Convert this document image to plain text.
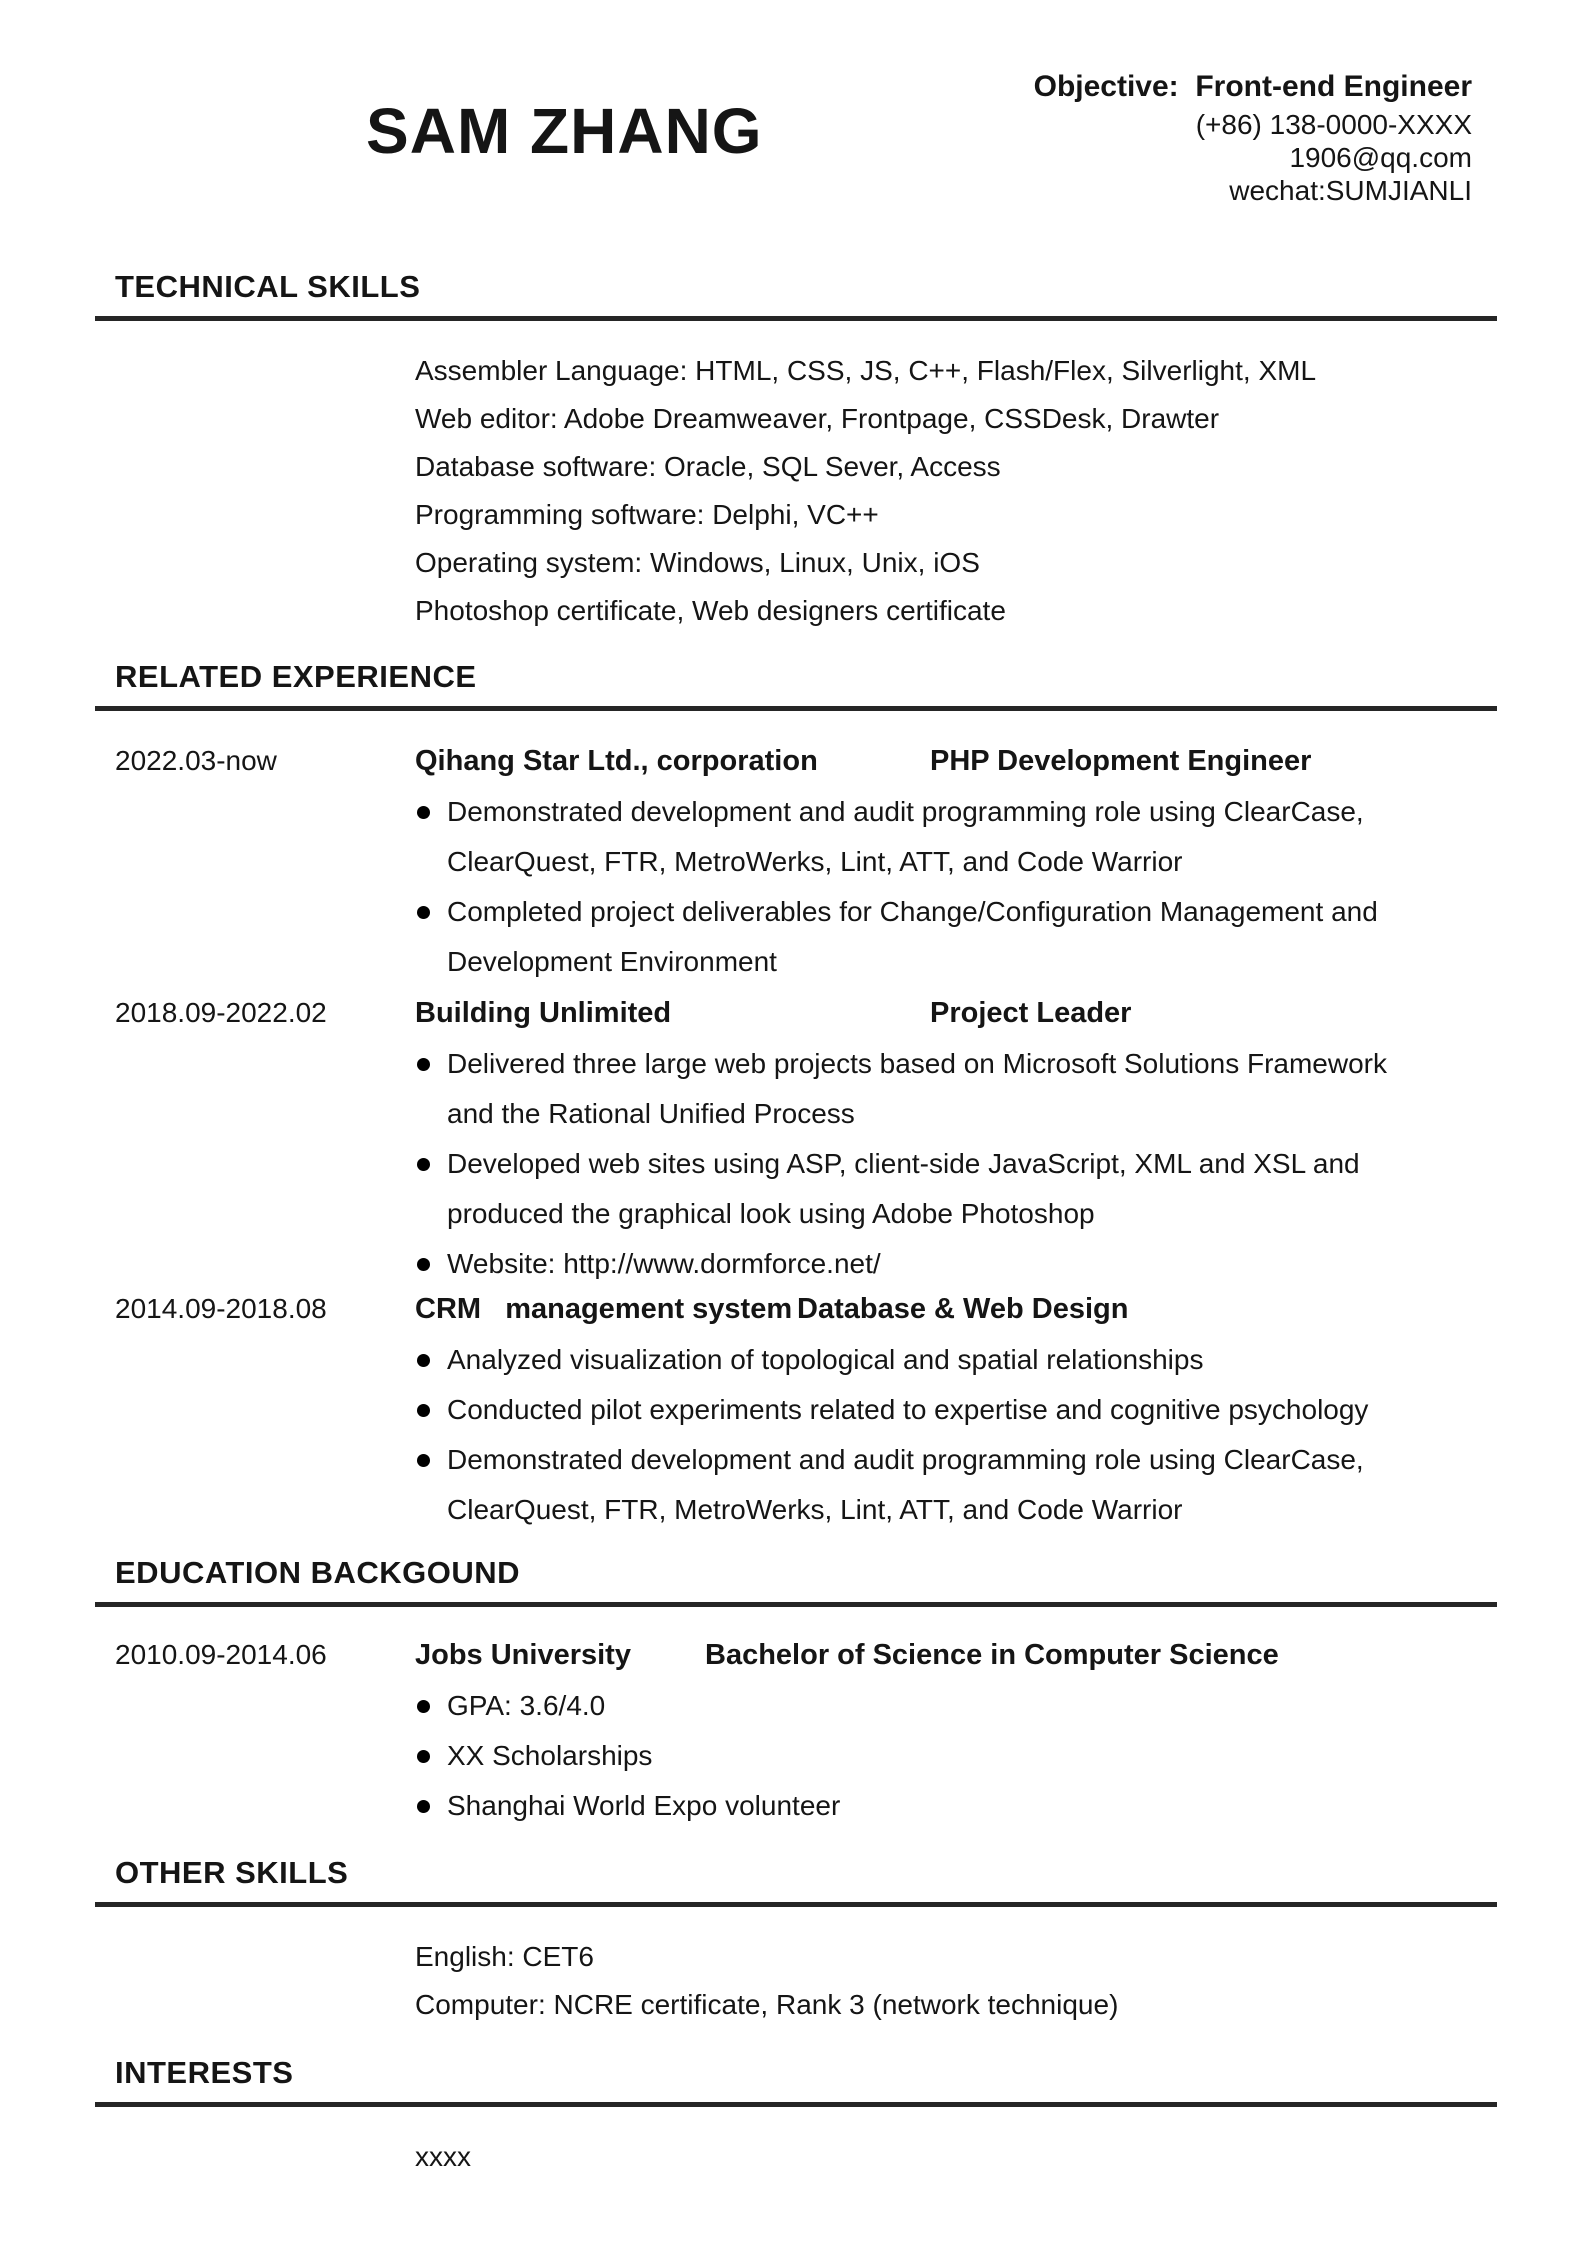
SAM ZHANG
Objective:  Front-end Engineer
(+86) 138-0000-XXXX
1906@qq.com
wechat:SUMJIANLI
TECHNICAL SKILLS
Assembler Language: HTML, CSS, JS, C++, Flash/Flex, Silverlight, XML
Web editor: Adobe Dreamweaver, Frontpage, CSSDesk, Drawter
Database software: Oracle, SQL Sever, Access
Programming software: Delphi, VC++
Operating system: Windows, Linux, Unix, iOS
Photoshop certificate, Web designers certificate
RELATED EXPERIENCE
2022.03-now	Qihang Star Ltd., corporation	PHP Development Engineer
Demonstrated development and audit programming role using ClearCase, ClearQuest, FTR, MetroWerks, Lint, ATT, and Code Warrior
Completed project deliverables for Change/Configuration Management and Development Environment
2018.09-2022.02	Building Unlimited	Project Leader
Delivered three large web projects based on Microsoft Solutions Framework and the Rational Unified Process
Developed web sites using ASP, client-side JavaScript, XML and XSL and produced the graphical look using Adobe Photoshop
Website: http://www.dormforce.net/
2014.09-2018.08	CRM   management system Database & Web Design
Analyzed visualization of topological and spatial relationships
Conducted pilot experiments related to expertise and cognitive psychology
Demonstrated development and audit programming role using ClearCase, ClearQuest, FTR, MetroWerks, Lint, ATT, and Code Warrior
EDUCATION BACKGOUND
2010.09-2014.06	Jobs University	Bachelor of Science in Computer Science
GPA: 3.6/4.0
XX Scholarships
Shanghai World Expo volunteer
OTHER SKILLS
English: CET6
Computer: NCRE certificate, Rank 3 (network technique)
INTERESTS
xxxx
